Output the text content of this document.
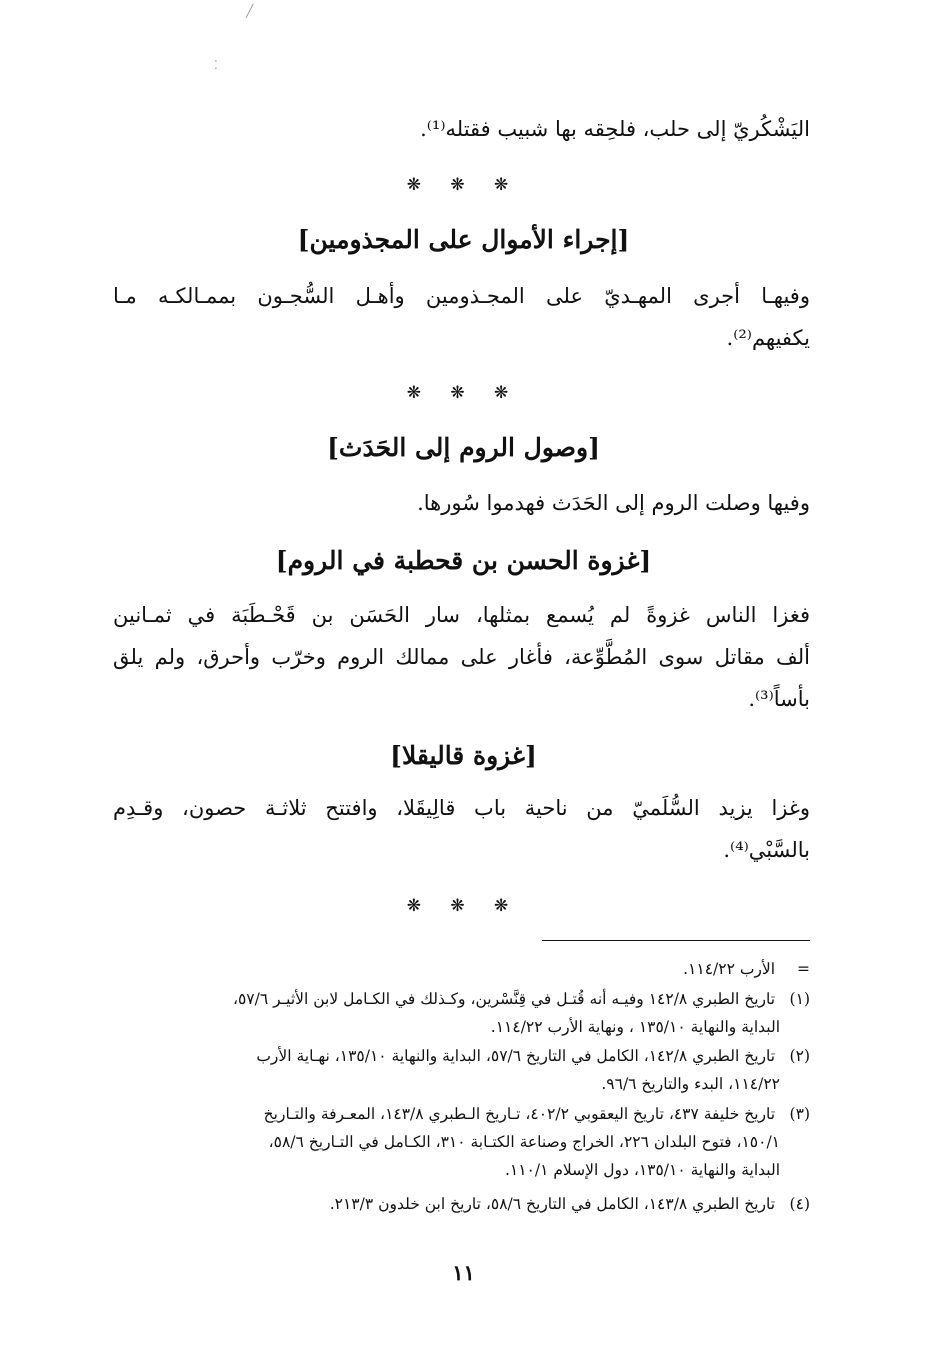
⁚
╱
اليَشْكُريّ إلى حلب، فلحِقه بها شبيب فقتله⁽¹⁾.
❋ ❋ ❋
[إجراء الأموال على المجذومين]
وفيهـا أجرى المهـديّ على المجـذومين وأهـل السُّجـون بممـالكـه مـا
يكفيهم⁽²⁾.
❋ ❋ ❋
[وصول الروم إلى الحَدَث]
وفيها وصلت الروم إلى الحَدَث فهدموا سُورها.
[غزوة الحسن بن قحطبة في الروم]
فغزا الناس غزوةً لم يُسمع بمثلها، سار الحَسَن بن قَحْـطَبَة في ثمـانين
ألف مقاتل سوى المُطَّوِّعة، فأغار على ممالك الروم وخرّب وأحرق، ولم يلق
بأساً⁽³⁾.
[غزوة قاليقلا]
وغزا يزيد السُّلَميّ من ناحية باب قالِيقَلا، وافتتح ثلاثـة حصون، وقـدِم
بالسَّبْي⁽⁴⁾.
❋ ❋ ❋
= الأرب ١١٤/٢٢.
(١) تاريخ الطبري ١٤٢/٨ وفيـه أنه قُتـل في قِنَّسْرين، وكـذلك في الكـامل لابن الأثيـر ٥٧/٦،
البداية والنهاية ١٣٥/١٠ ، ونهاية الأرب ١١٤/٢٢.
(٢) تاريخ الطبري ١٤٢/٨، الكامل في التاريخ ٥٧/٦، البداية والنهاية ١٣٥/١٠، نهـاية الأرب
١١٤/٢٢، البدء والتاريخ ٩٦/٦.
(٣) تاريخ خليفة ٤٣٧، تاريخ اليعقوبي ٤٠٢/٢، تـاريخ الـطبري ١٤٣/٨، المعـرفة والتـاريخ
١٥٠/١، فتوح البلدان ٢٢٦، الخراج وصناعة الكتـابة ٣١٠، الكـامل في التـاريخ ٥٨/٦،
البداية والنهاية ١٣٥/١٠، دول الإسلام ١١٠/١.
(٤) تاريخ الطبري ١٤٣/٨، الكامل في التاريخ ٥٨/٦، تاريخ ابن خلدون ٢١٣/٣.
١١
